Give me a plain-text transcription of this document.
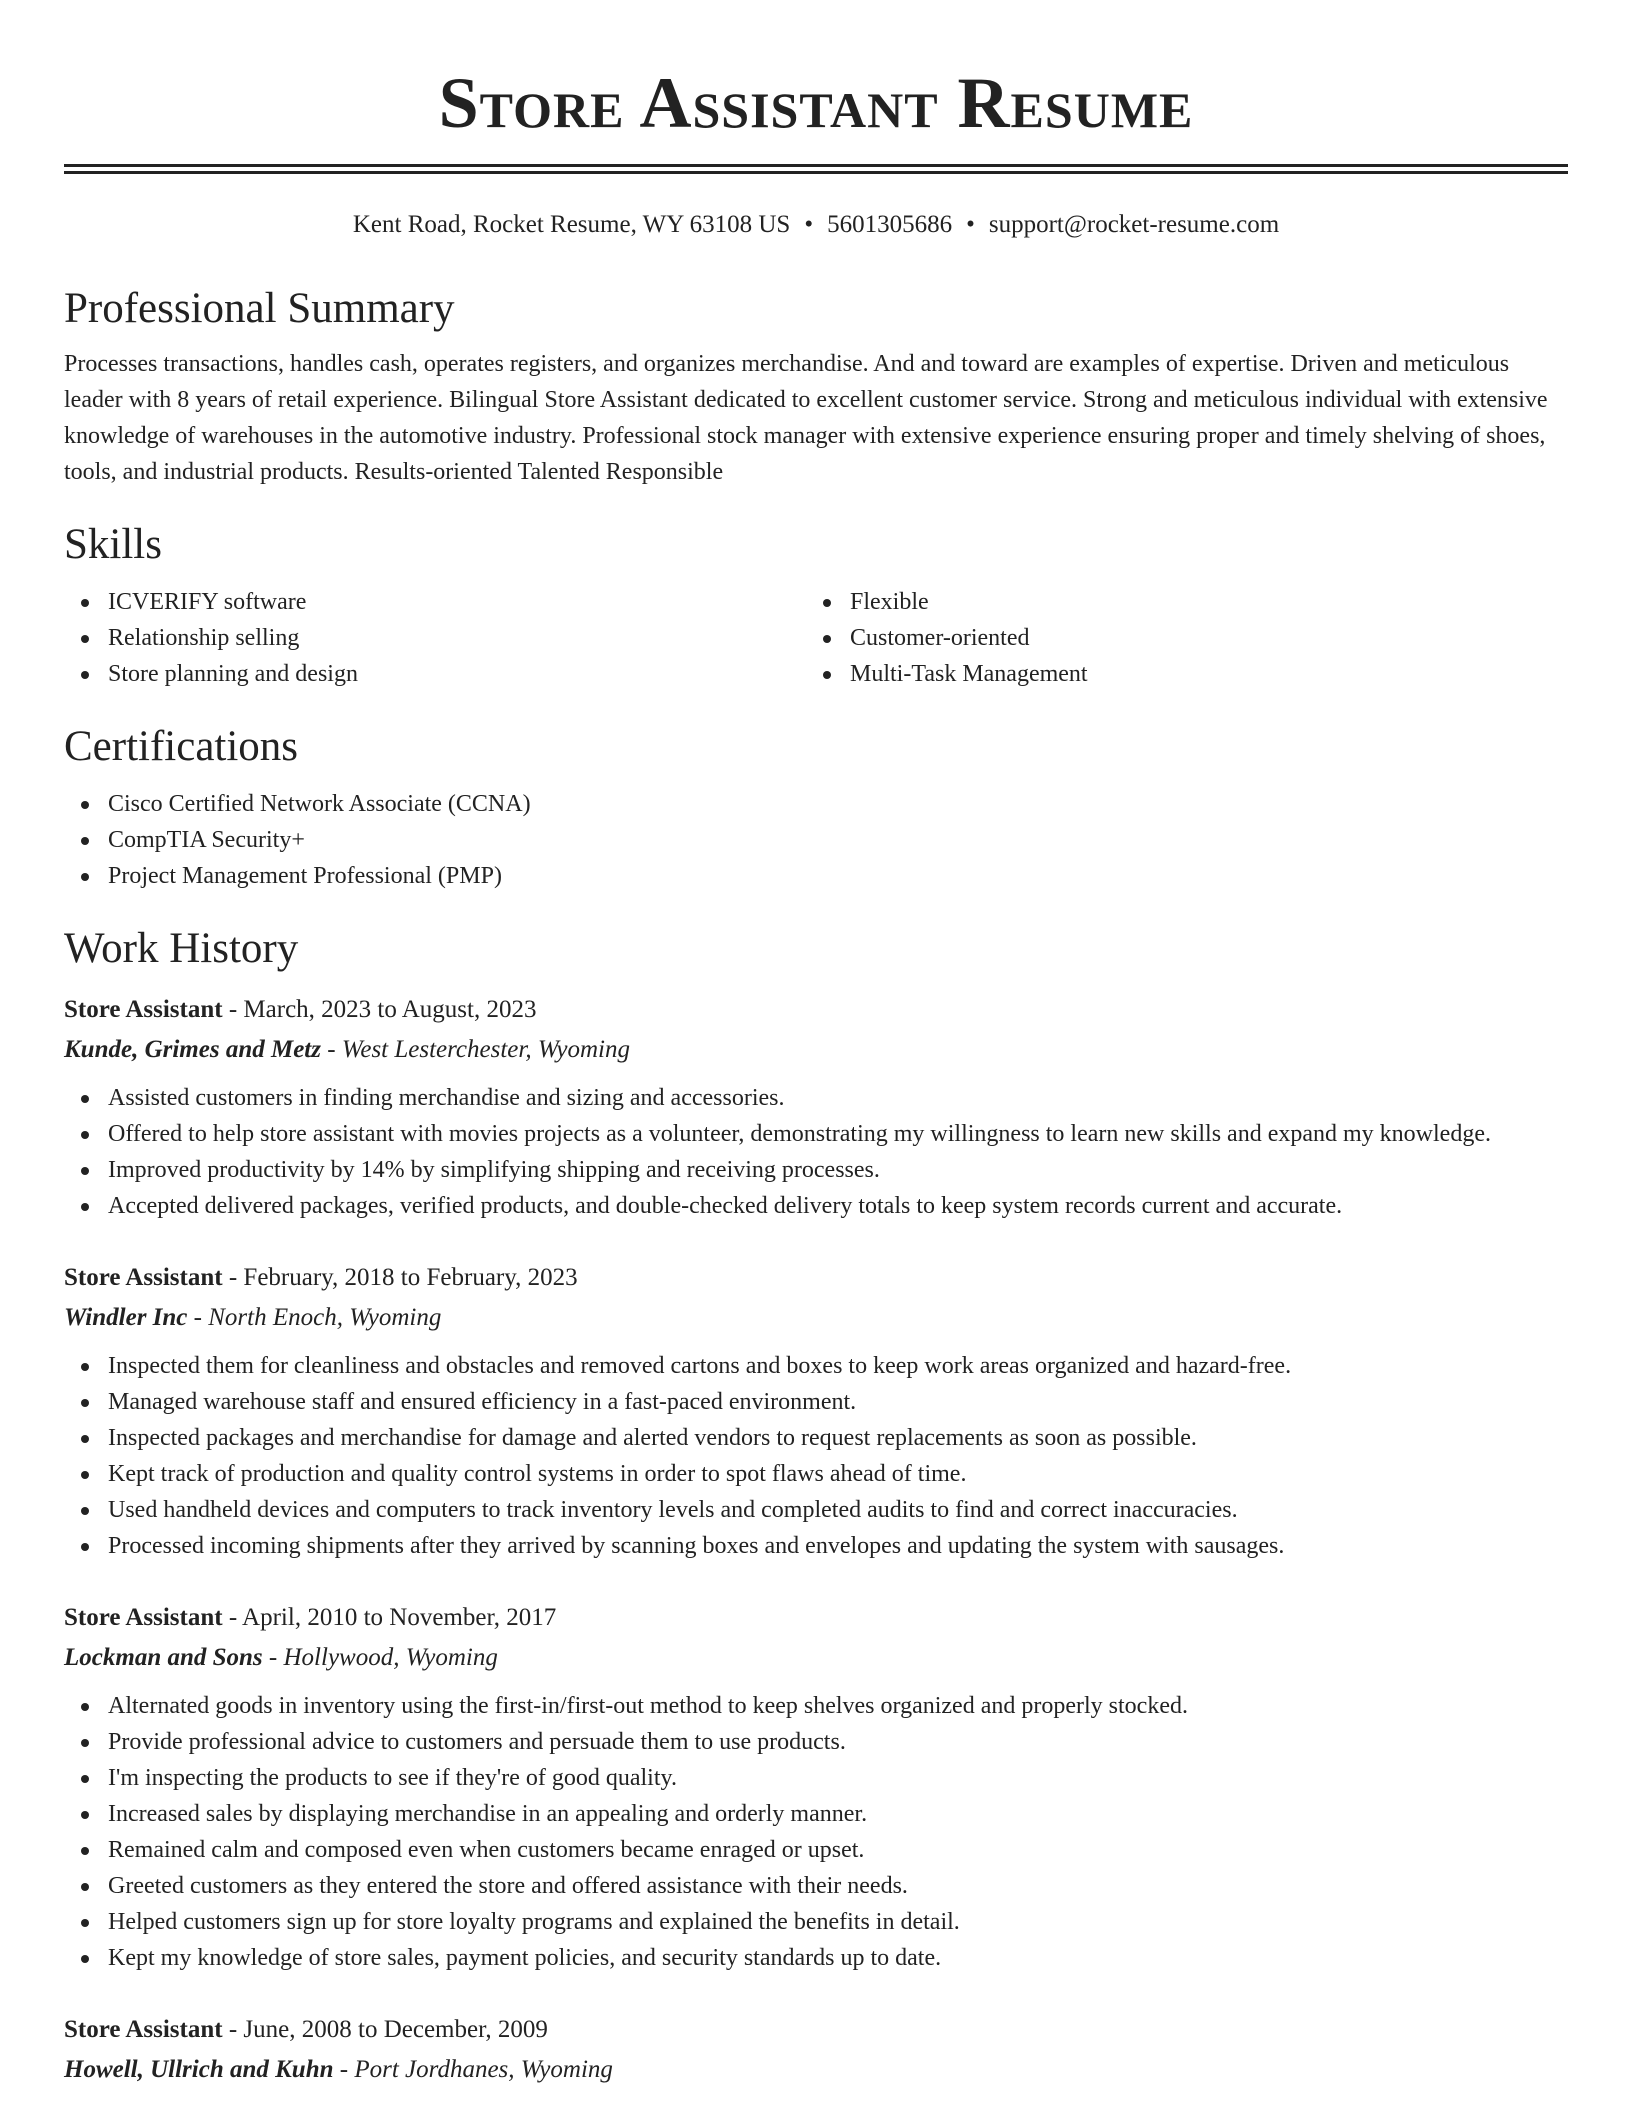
Store Assistant Resume
Kent Road, Rocket Resume, WY 63108 US • 5601305686 • support@rocket-resume.com
Professional Summary
Processes transactions, handles cash, operates registers, and organizes merchandise. And and toward are examples of expertise. Driven and meticulous leader with 8 years of retail experience. Bilingual Store Assistant dedicated to excellent customer service. Strong and meticulous individual with extensive knowledge of warehouses in the automotive industry. Professional stock manager with extensive experience ensuring proper and timely shelving of shoes, tools, and industrial products. Results-oriented Talented Responsible
Skills
ICVERIFY software
Relationship selling
Store planning and design
Flexible
Customer-oriented
Multi-Task Management
Certifications
Cisco Certified Network Associate (CCNA)
CompTIA Security+
Project Management Professional (PMP)
Work History
Store Assistant - March, 2023 to August, 2023
Kunde, Grimes and Metz - West Lesterchester, Wyoming
Assisted customers in finding merchandise and sizing and accessories.
Offered to help store assistant with movies projects as a volunteer, demonstrating my willingness to learn new skills and expand my knowledge.
Improved productivity by 14% by simplifying shipping and receiving processes.
Accepted delivered packages, verified products, and double-checked delivery totals to keep system records current and accurate.
Store Assistant - February, 2018 to February, 2023
Windler Inc - North Enoch, Wyoming
Inspected them for cleanliness and obstacles and removed cartons and boxes to keep work areas organized and hazard-free.
Managed warehouse staff and ensured efficiency in a fast-paced environment.
Inspected packages and merchandise for damage and alerted vendors to request replacements as soon as possible.
Kept track of production and quality control systems in order to spot flaws ahead of time.
Used handheld devices and computers to track inventory levels and completed audits to find and correct inaccuracies.
Processed incoming shipments after they arrived by scanning boxes and envelopes and updating the system with sausages.
Store Assistant - April, 2010 to November, 2017
Lockman and Sons - Hollywood, Wyoming
Alternated goods in inventory using the first-in/first-out method to keep shelves organized and properly stocked.
Provide professional advice to customers and persuade them to use products.
I'm inspecting the products to see if they're of good quality.
Increased sales by displaying merchandise in an appealing and orderly manner.
Remained calm and composed even when customers became enraged or upset.
Greeted customers as they entered the store and offered assistance with their needs.
Helped customers sign up for store loyalty programs and explained the benefits in detail.
Kept my knowledge of store sales, payment policies, and security standards up to date.
Store Assistant - June, 2008 to December, 2009
Howell, Ullrich and Kuhn - Port Jordhanes, Wyoming
